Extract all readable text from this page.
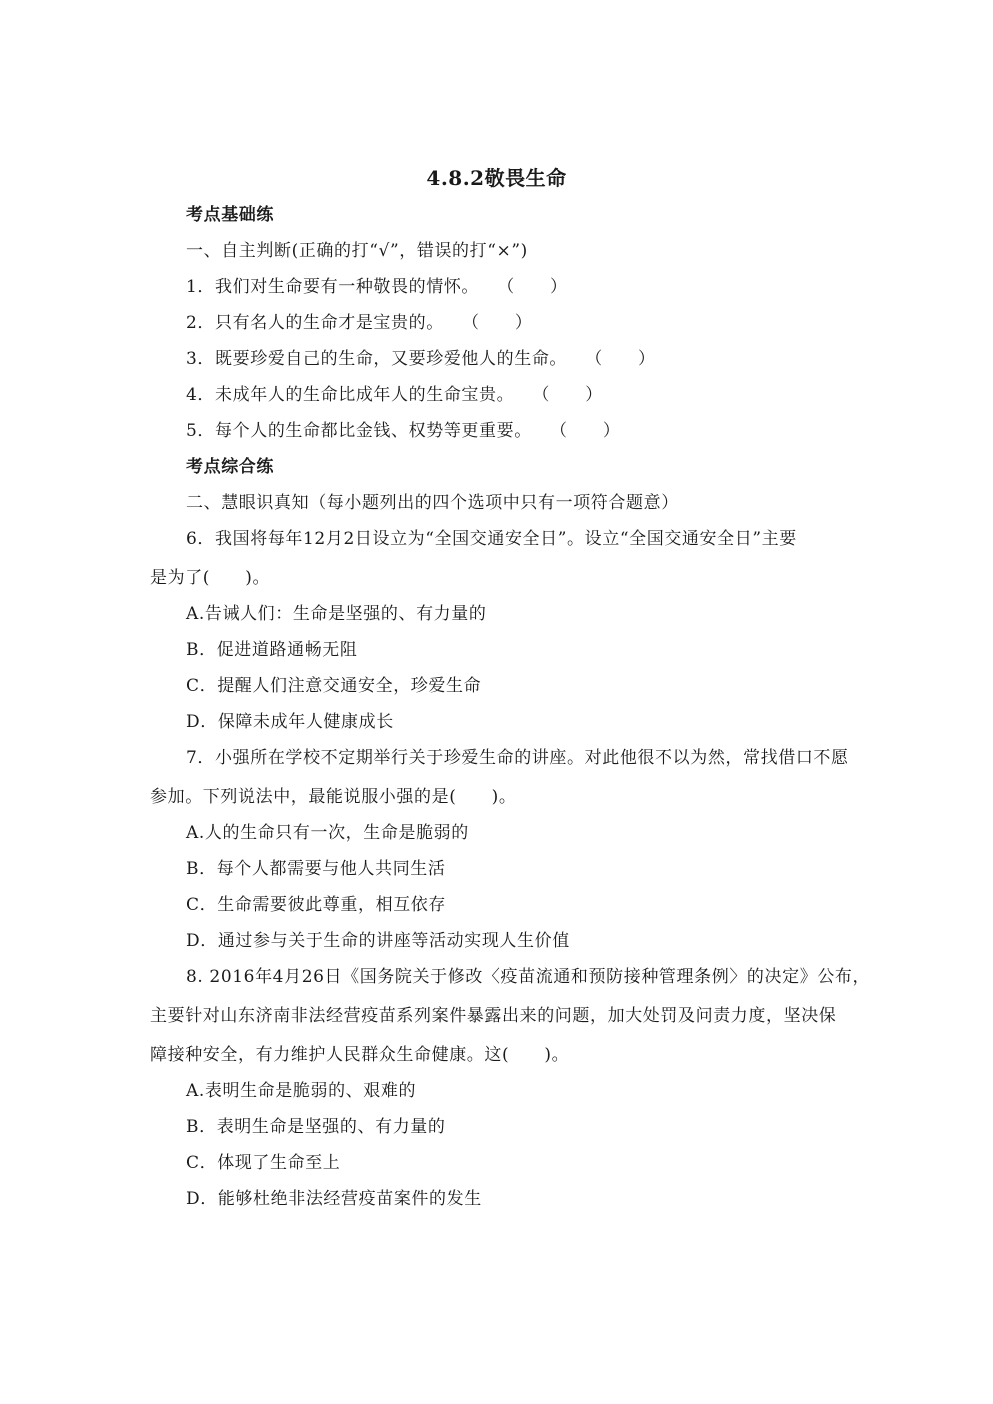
4.8.2敬畏生命
考点基础练
一、自主判断(正确的打“√”，错误的打“×”)
1．我们对生命要有一种敬畏的情怀。　　（　　）
2．只有名人的生命才是宝贵的。　　（　　）
3．既要珍爱自己的生命，又要珍爱他人的生命。　　（　　）
4．未成年人的生命比成年人的生命宝贵。　　（　　）
5．每个人的生命都比金钱、权势等更重要。　　（　　）
考点综合练
二、慧眼识真知（每小题列出的四个选项中只有一项符合题意）
6．我国将每年12月2日设立为“全国交通安全日”。设立“全国交通安全日”主要
是为了(　　)。
A.告诫人们：生命是坚强的、有力量的
B．促进道路通畅无阻
C．提醒人们注意交通安全，珍爱生命
D．保障未成年人健康成长
7．小强所在学校不定期举行关于珍爱生命的讲座。对此他很不以为然，常找借口不愿
参加。下列说法中，最能说服小强的是(　　)。
A.人的生命只有一次，生命是脆弱的
B．每个人都需要与他人共同生活
C．生命需要彼此尊重，相互依存
D．通过参与关于生命的讲座等活动实现人生价值
8. 2016年4月26日《国务院关于修改〈疫苗流通和预防接种管理条例〉的决定》公布，
主要针对山东济南非法经营疫苗系列案件暴露出来的问题，加大处罚及问责力度，坚决保
障接种安全，有力维护人民群众生命健康。这(　　)。
A.表明生命是脆弱的、艰难的
B．表明生命是坚强的、有力量的
C．体现了生命至上
D．能够杜绝非法经营疫苗案件的发生
